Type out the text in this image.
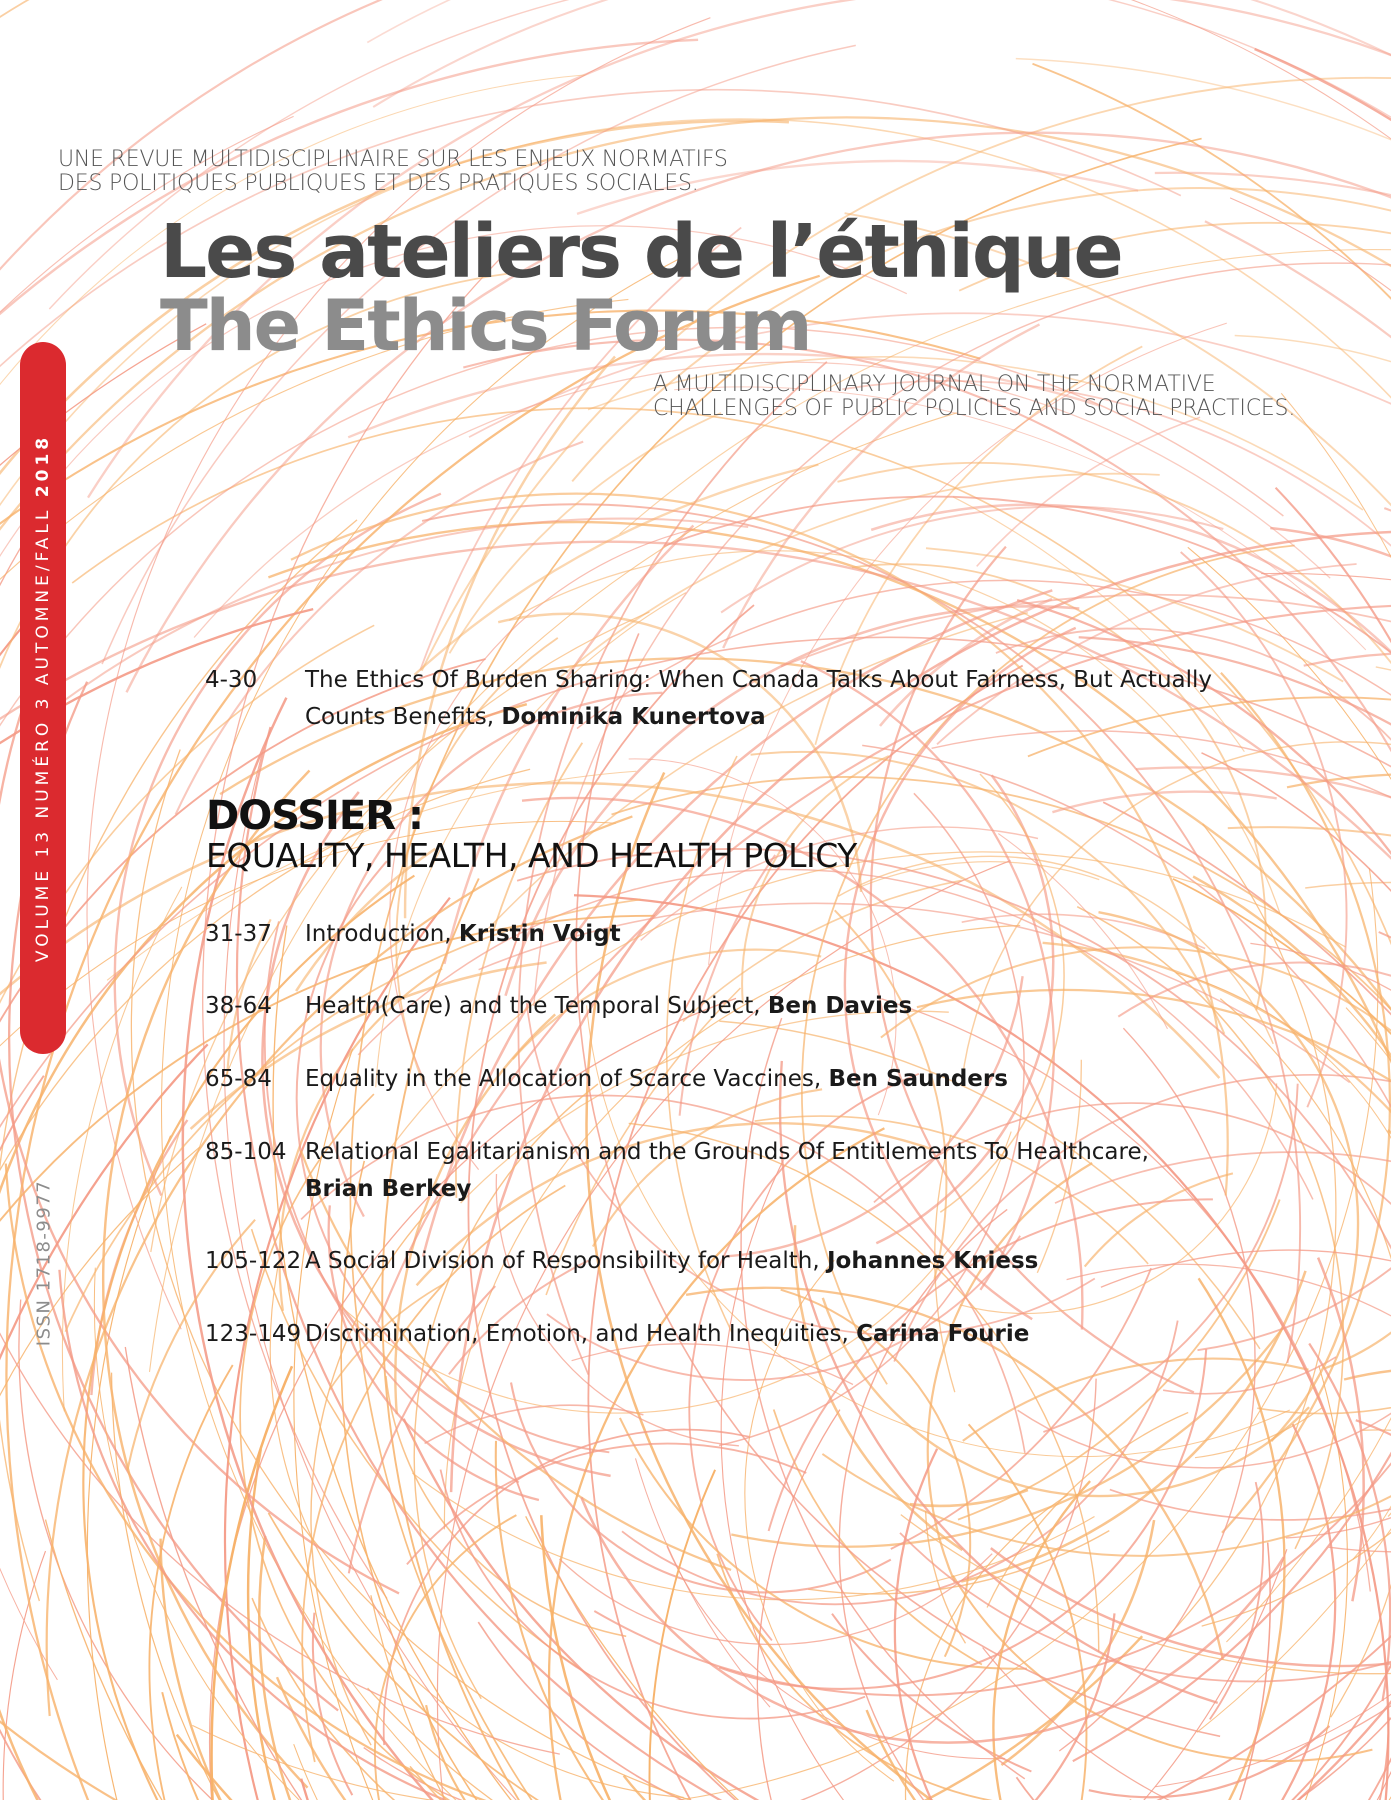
UNE REVUE MULTIDISCIPLINAIRE SUR LES ENJEUX NORMATIFS
DES POLITIQUES PUBLIQUES ET DES PRATIQUES SOCIALES.
Les ateliers de l’éthique
The Ethics Forum
A MULTIDISCIPLINARY JOURNAL ON THE NORMATIVE
CHALLENGES OF PUBLIC POLICIES AND SOCIAL PRACTICES.
VOLUME 13 NUMÉRO 3 AUTOMNE/FALL 2018
ISSN 1718-9977
4-30 The Ethics Of Burden Sharing: When Canada Talks About Fairness, But Actually
Counts Benefits, Dominika Kunertova
DOSSIER :
EQUALITY, HEALTH, AND HEALTH POLICY
31-37 Introduction, Kristin Voigt
38-64 Health(Care) and the Temporal Subject, Ben Davies
65-84 Equality in the Allocation of Scarce Vaccines, Ben Saunders
85-104 Relational Egalitarianism and the Grounds Of Entitlements To Healthcare,
Brian Berkey
105-122 A Social Division of Responsibility for Health, Johannes Kniess
123-149 Discrimination, Emotion, and Health Inequities, Carina Fourie
